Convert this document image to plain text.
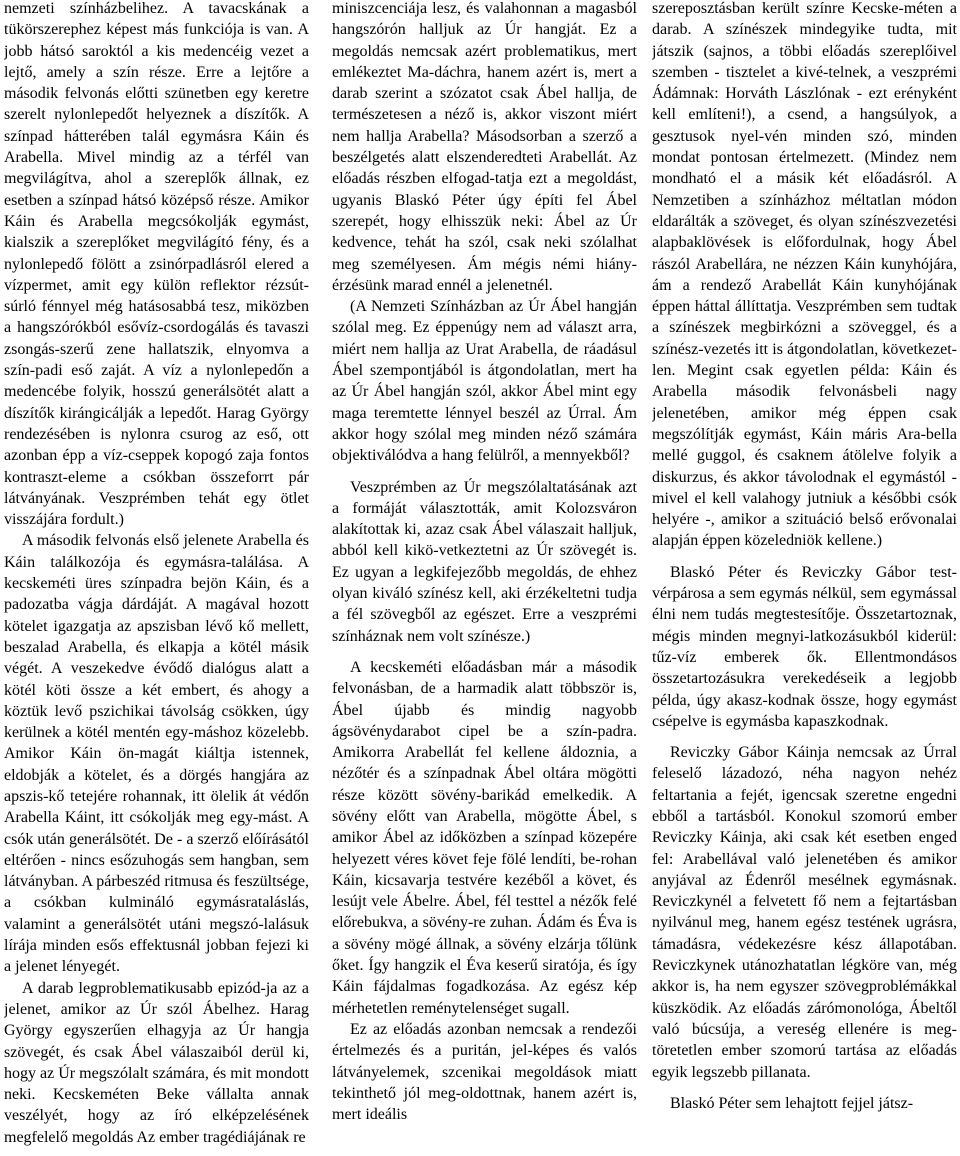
nemzeti színházbelihez. A tavacskának a tükörszerephez képest más funkciója is van. A jobb hátsó saroktól a kis medencéig vezet a lejtő, amely a szín része. Erre a lejtőre a második felvonás előtti szünetben egy keretre szerelt nylonlepedőt helyeznek a díszítők. A színpad hátterében talál egymásra Káin és Arabella. Mivel mindig az a térfél van megvilágítva, ahol a szereplők állnak, ez esetben a színpad hátsó középső része. Amikor Káin és Arabella megcsókolják egymást, kialszik a szereplőket megvilágító fény, és a nylonlepedő fölött a zsinórpadlásról elered a vízpermet, amit egy külön reflektor rézsút-súrló fénnyel még hatásosabbá tesz, miközben a hangszórókból esővíz-csordogálás és tavaszi zsongás-szerű zene hallatszik, elnyomva a szín-padi eső zaját. A víz a nylonlepedőn a medencébe folyik, hosszú generálsötét alatt a díszítők kirángicálják a lepedőt. Harag György rendezésében is nylonra csurog az eső, ott azonban épp a víz-cseppek kopogó zaja fontos kontraszt-eleme a csókban összeforrt pár látványának. Veszprémben tehát egy ötlet visszájára fordult.)

A második felvonás első jelenete Arabella és Káin találkozója és egymásra-találása. A kecskeméti üres színpadra bejön Káin, és a padozatba vágja dárdáját. A magával hozott kötelet igazgatja az apszisban lévő kő mellett, beszalad Arabella, és elkapja a kötél másik végét. A veszekedve évődő dialógus alatt a kötél köti össze a két embert, és ahogy a köztük levő pszichikai távolság csökken, úgy kerülnek a kötél mentén egy-máshoz közelebb. Amikor Káin ön-magát kiáltja istennek, eldobják a kötelet, és a dörgés hangjára az apszis-kő tetejére rohannak, itt ölelik át védőn Arabella Káint, itt csókolják meg egy-mást. A csók után generálsötét. De - a szerző előírásától eltérően - nincs esőzuhogás sem hangban, sem látványban. A párbeszéd ritmusa és feszültsége, a csókban kulmináló egymásrataláslás, valamint a generálsötét utáni megszó-lalásuk lírája minden esős effektusnál jobban fejezi ki a jelenet lényegét.

A darab legproblematikusabb epizód-ja az a jelenet, amikor az Úr szól Ábelhez. Harag György egyszerűen elhagyja az Úr hangja szövegét, és csak Ábel válaszaiból derül ki, hogy az Úr megszólalt számára, és mit mondott neki. Kecskeméten Beke vállalta annak veszélyét, hogy az író elképzelésének megfelelő megoldás Az ember tragédiájának re

miniszcenciája lesz, és valahonnan a magasból hangszórón halljuk az Úr hangját. Ez a megoldás nemcsak azért problematikus, mert emlékeztet Ma-dáchra, hanem azért is, mert a darab szerint a szózatot csak Ábel hallja, de természetesen a néző is, akkor viszont miért nem hallja Arabella? Másodsorban a szerző a beszélgetés alatt elszenderedteti Arabellát. Az előadás részben elfogad-tatja ezt a megoldást, ugyanis Blaskó Péter úgy építi fel Ábel szerepét, hogy elhisszük neki: Ábel az Úr kedvence, tehát ha szól, csak neki szólalhat meg személyesen. Ám mégis némi hiány-érzésünk marad ennél a jelenetnél.

(A Nemzeti Színházban az Úr Ábel hangján szólal meg. Ez éppenúgy nem ad választ arra, miért nem hallja az Urat Arabella, de ráadásul Ábel szempontjából is átgondolatlan, mert ha az Úr Ábel hangján szól, akkor Ábel mint egy maga teremtette lénnyel beszél az Úrral. Ám akkor hogy szólal meg minden néző számára objektiválódva a hang felülről, a mennyekből?

Veszprémben az Úr megszólaltatásának azt a formáját választották, amit Kolozsváron alakítottak ki, azaz csak Ábel válaszait halljuk, abból kell kikö-vetkeztetni az Úr szövegét is. Ez ugyan a legkifejezőbb megoldás, de ehhez olyan kiváló színész kell, aki érzékeltetni tudja a fél szövegből az egészet. Erre a veszprémi színháznak nem volt színésze.)

A kecskeméti előadásban már a második felvonásban, de a harmadik alatt többször is, Ábel újabb és mindig nagyobb ágsövénydarabot cipel be a szín-padra. Amikorra Arabellát fel kellene áldoznia, a nézőtér és a színpadnak Ábel oltára mögötti része között sövény-barikád emelkedik. A sövény előtt van Arabella, mögötte Ábel, s amikor Ábel az időközben a színpad közepére helyezett véres követ feje fölé lendíti, be-rohan Káin, kicsavarja testvére kezéből a követ, és lesújt vele Ábelre. Ábel, fél testtel a nézők felé előrebukva, a sövény-re zuhan. Ádám és Éva is a sövény mögé állnak, a sövény elzárja tőlünk őket. Így hangzik el Éva keserű siratója, és így Káin fájdalmas fogadkozása. Az egész kép mérhetetlen reménytelenséget sugall.

Ez az előadás azonban nemcsak a rendezői értelmezés és a puritán, jel-képes és valós látványelemek, szcenikai megoldások miatt tekinthető jól meg-oldottnak, hanem azért is, mert ideális

szereposztásban került színre Kecske-méten a darab. A színészek mindegyike tudta, mit játszik (sajnos, a többi előadás szereplőivel szemben - tisztelet a kivé-telnek, a veszprémi Ádámnak: Horváth Lászlónak - ezt erényként kell említeni!), a csend, a hangsúlyok, a gesztusok nyel-vén minden szó, minden mondat pontosan értelmezett. (Mindez nem mondható el a másik két előadásról. A Nemzetiben a színházhoz méltatlan módon eldarálták a szöveget, és olyan színészvezetési alapbaklövések is előfordulnak, hogy Ábel rászól Arabellára, ne nézzen Káin kunyhójára, ám a rendező Arabellát Káin kunyhójának éppen háttal állíttatja. Veszprémben sem tudtak a színészek megbirkózni a szöveggel, és a színész-vezetés itt is átgondolatlan, következet-len. Megint csak egyetlen példa: Káin és Arabella második felvonásbeli nagy jelenetében, amikor még éppen csak megszólítják egymást, Káin máris Ara-bella mellé guggol, és csaknem átölelve folyik a diskurzus, és akkor távolodnak el egymástól - mivel el kell valahogy jutniuk a későbbi csók helyére -, amikor a szituáció belső erővonalai alapján éppen közeledniök kellene.)

Blaskó Péter és Reviczky Gábor test-vérpárosa a sem egymás nélkül, sem egymással élni nem tudás megtestesítője. Összetartoznak, mégis minden megnyi-latkozásukból kiderül: tűz-víz emberek ők. Ellentmondásos összetartozásukra verekedéseik a legjobb példa, úgy akasz-kodnak össze, hogy egymást csépelve is egymásba kapaszkodnak.

Reviczky Gábor Káinja nemcsak az Úrral feleselő lázadozó, néha nagyon nehéz feltartania a fejét, igencsak szeretne engedni ebből a tartásból. Konokul szomorú ember Reviczky Káinja, aki csak két esetben enged fel: Arabellával való jelenetében és amikor anyjával az Édenről mesélnek egymásnak. Reviczkynél a felvetett fő nem a fejtartásban nyilvánul meg, hanem egész testének ugrásra, támadásra, védekezésre kész állapotában. Reviczkynek utánozhatatlan légköre van, még akkor is, ha nem egyszer szövegproblémákkal küszködik. Az előadás zárómonológa, Ábeltől való búcsúja, a vereség ellenére is meg-töretetlen ember szomorú tartása az előadás egyik legszebb pillanata.

Blaskó Péter sem lehajtott fejjel játsz-
